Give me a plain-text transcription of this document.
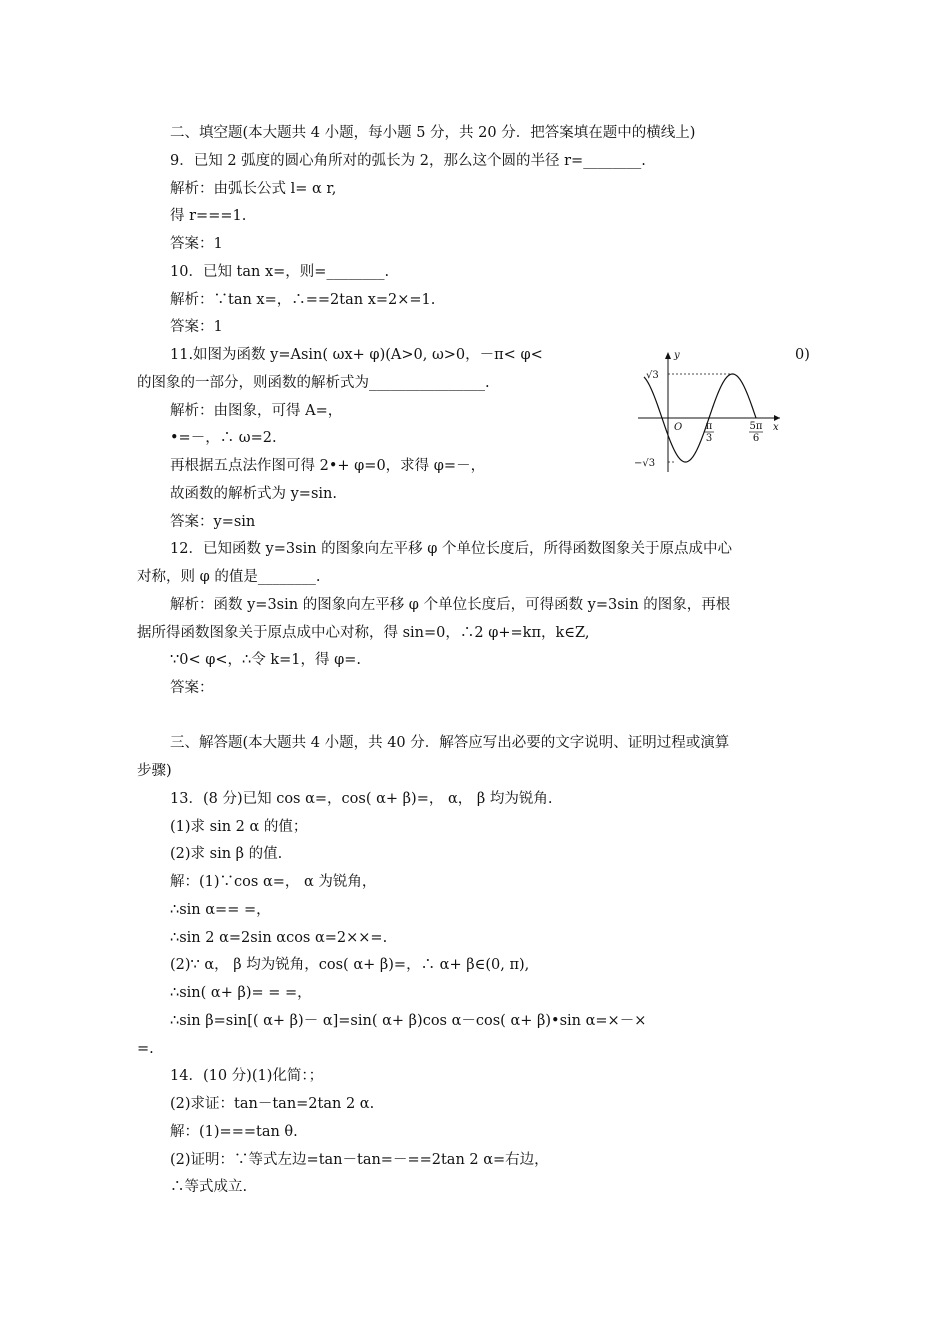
二、填空题(本大题共 4 小题，每小题 5 分，共 20 分．把答案填在题中的横线上)
9．已知 2 弧度的圆心角所对的弧长为 2，那么这个圆的半径 r=________.
解析：由弧长公式 l= α r,
得 r===1.
答案：1
10．已知 tan x=，则=________.
解析：∵tan x=，∴==2tan x=2×=1.
答案：1
11.如图为函数 y=Asin( ωx+ φ)(A>0, ω>0，－π< φ<	0)
的图象的一部分，则函数的解析式为________________.
解析：由图象，可得 A=，
•=－，∴ ω=2.
再根据五点法作图可得 2•+ φ=0，求得 φ=－，
故函数的解析式为 y=sin.
答案：y=sin
12．已知函数 y=3sin 的图象向左平移 φ 个单位长度后，所得函数图象关于原点成中心
对称，则 φ 的值是________.
解析：函数 y=3sin 的图象向左平移 φ 个单位长度后，可得函数 y=3sin 的图象，再根
据所得函数图象关于原点成中心对称，得 sin=0，∴2 φ+=kπ，k∈Z,
∵0< φ<，∴令 k=1，得 φ=.
答案：
三、解答题(本大题共 4 小题，共 40 分．解答应写出必要的文字说明、证明过程或演算
步骤)
13．(8 分)已知 cos α=，cos( α+ β)=， α， β 均为锐角.
(1)求 sin 2 α 的值；
(2)求 sin β 的值.
解：(1)∵cos α=， α 为锐角，
∴sin α== =，
∴sin 2 α=2sin αcos α=2××=.
(2)∵ α， β 均为锐角，cos( α+ β)=，∴ α+ β∈(0, π),
∴sin( α+ β)= = =，
∴sin β=sin[( α+ β)－ α]=sin( α+ β)cos α－cos( α+ β)•sin α=×－×
=.
14．(10 分)(1)化简：；
(2)求证：tan－tan=2tan 2 α.
解：(1)===tan θ.
(2)证明：∵等式左边=tan－tan=－==2tan 2 α=右边，
∴等式成立.
y
x
O
√3
−√3
π
3
5π
6
